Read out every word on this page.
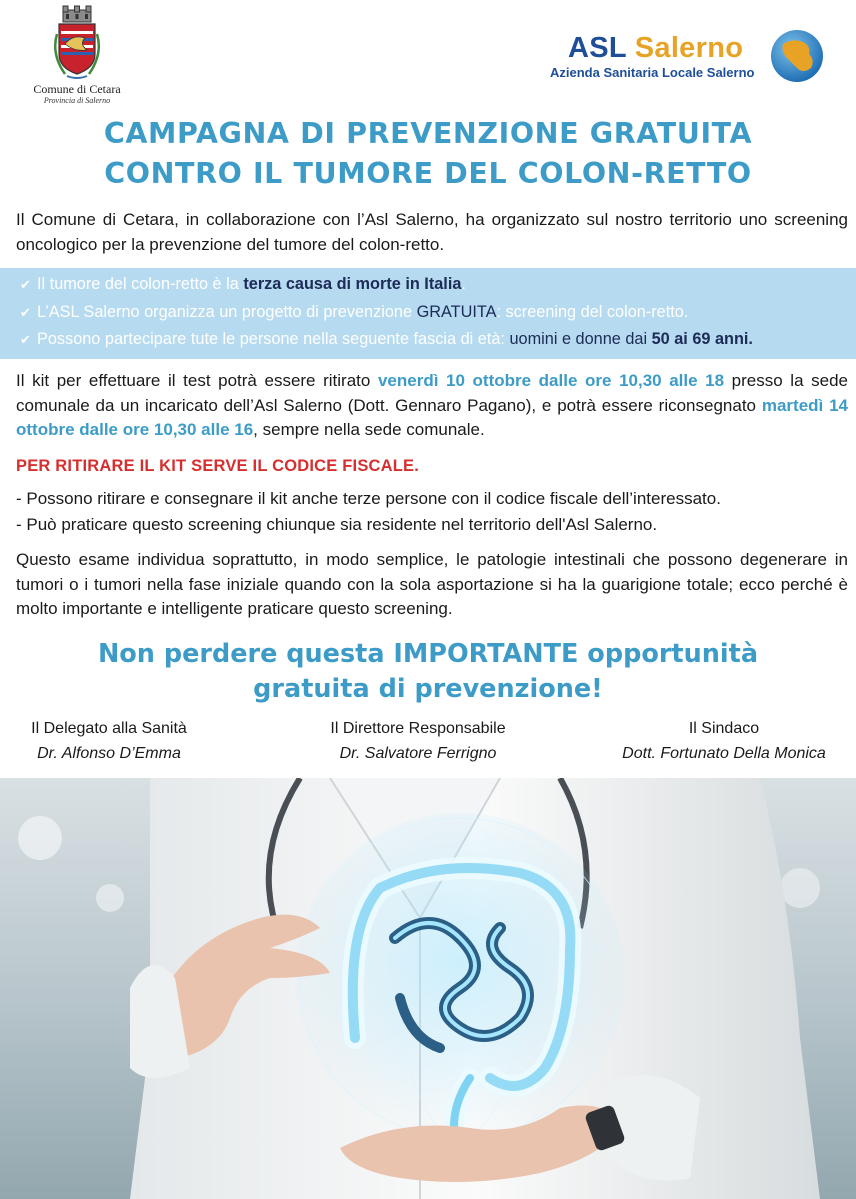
Comune di Cetara
Provincia di Salerno
ASL Salerno
Azienda Sanitaria Locale Salerno
CAMPAGNA DI PREVENZIONE GRATUITA
CONTRO IL TUMORE DEL COLON-RETTO
Il Comune di Cetara, in collaborazione con l’Asl Salerno, ha organizzato sul nostro territorio uno screening oncologico per la prevenzione del tumore del colon-retto.
✔ Il tumore del colon-retto è la terza causa di morte in Italia.
✔ L’ASL Salerno organizza un progetto di prevenzione GRATUITA: screening del colon-retto.
✔ Possono partecipare tute le persone nella seguente fascia di età: uomini e donne dai 50 ai 69 anni.
Il kit per effettuare il test potrà essere ritirato venerdì 10 ottobre dalle ore 10,30 alle 18 presso la sede comunale da un incaricato dell’Asl Salerno (Dott. Gennaro Pagano), e potrà essere riconsegnato martedì 14 ottobre dalle ore 10,30 alle 16, sempre nella sede comunale.
PER RITIRARE IL KIT SERVE IL CODICE FISCALE.
- Possono ritirare e consegnare il kit anche terze persone con il codice fiscale dell’interessato.
- Può praticare questo screening chiunque sia residente nel territorio dell'Asl Salerno.
Questo esame individua soprattutto, in modo semplice, le patologie intestinali che possono degenerare in tumori o i tumori nella fase iniziale quando con la sola asportazione si ha la guarigione totale; ecco perché è molto importante e intelligente praticare questo screening.
Non perdere questa IMPORTANTE opportunità
gratuita di prevenzione!
Il Delegato alla Sanità
Dr. Alfonso D’Emma
Il Direttore Responsabile
Dr. Salvatore Ferrigno
Il Sindaco
Dott. Fortunato Della Monica
